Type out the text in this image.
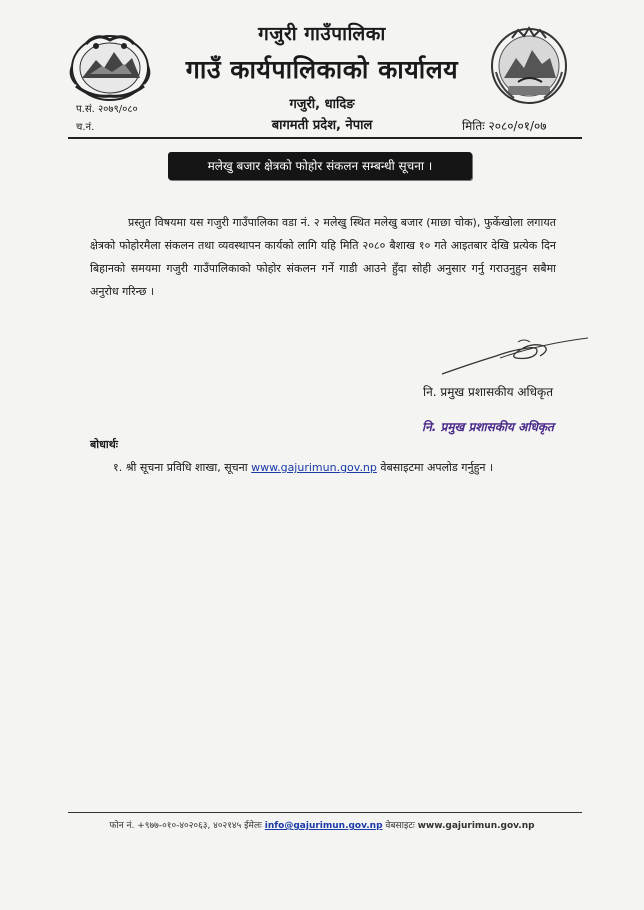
गजुरी गाउँपालिका
गाउँ कार्यपालिकाको कार्यालय
गजुरी, धादिङ
बागमती प्रदेश, नेपाल
प.सं. २०७९/०८०
च.नं.	मितिः २०८०/०१/०७
मलेखु बजार क्षेत्रको फोहोर संकलन सम्बन्धी सूचना ।
प्रस्तुत विषयमा यस गजुरी गाउँपालिका वडा नं. २ मलेखु स्थित मलेखु बजार (माछा चोक), फुर्केखोला लगायत क्षेत्रको फोहोरमैला संकलन तथा व्यवस्थापन कार्यको लागि यहि मिति २०८० बैशाख १० गते आइतबार देखि प्रत्येक दिन बिहानको समयमा गजुरी गाउँपालिकाको फोहोर संकलन गर्ने गाडी आउने हुँदा सोही अनुसार गर्नु गराउनुहुन सबैमा अनुरोध गरिन्छ ।
नि. प्रमुख प्रशासकीय अधिकृत
नि. प्रमुख प्रशासकीय अधिकृत
बोधार्थः
१. श्री सूचना प्रविधि शाखा, सूचना www.gajurimun.gov.np वेबसाइटमा अपलोड गर्नुहुन ।
फोन नं. +९७७-०१०-४०२०६३, ४०२१४५ ईमेलः info@gajurimun.gov.np वेबसाइटः www.gajurimun.gov.np
